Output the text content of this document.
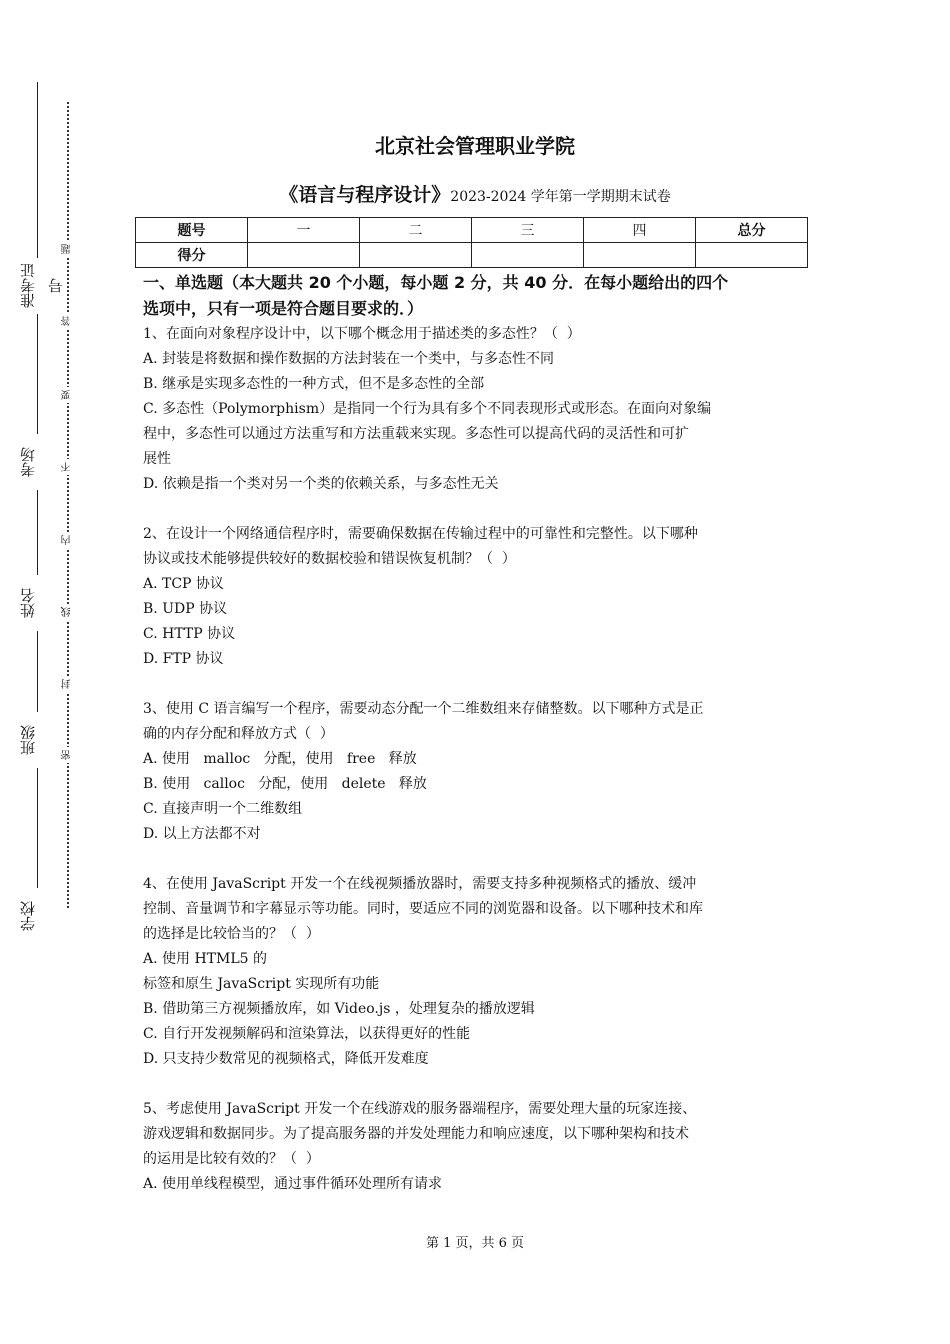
准考证号
考场
姓名
班级
学校
题
答
要
不
内
线
封
密
北京社会管理职业学院
《语言与程序设计》2023-2024 学年第一学期期末试卷
题号	一	二	三	四	总分
得分					
一、单选题（本大题共 20 个小题，每小题 2 分，共 40 分．在每小题给出的四个
选项中，只有一项是符合题目要求的．）
1、在面向对象程序设计中，以下哪个概念用于描述类的多态性？（  ）
A. 封装是将数据和操作数据的方法封装在一个类中，与多态性不同
B. 继承是实现多态性的一种方式，但不是多态性的全部
C. 多态性（Polymorphism）是指同一个行为具有多个不同表现形式或形态。在面向对象编
程中，多态性可以通过方法重写和方法重载来实现。多态性可以提高代码的灵活性和可扩
展性
D. 依赖是指一个类对另一个类的依赖关系，与多态性无关
2、在设计一个网络通信程序时，需要确保数据在传输过程中的可靠性和完整性。以下哪种
协议或技术能够提供较好的数据校验和错误恢复机制？（  ）
A. TCP 协议
B. UDP 协议
C. HTTP 协议
D. FTP 协议
3、使用 C 语言编写一个程序，需要动态分配一个二维数组来存储整数。以下哪种方式是正
确的内存分配和释放方式（  ）
A. 使用   malloc   分配，使用   free   释放
B. 使用   calloc   分配，使用   delete   释放
C. 直接声明一个二维数组
D. 以上方法都不对
4、在使用 JavaScript 开发一个在线视频播放器时，需要支持多种视频格式的播放、缓冲
控制、音量调节和字幕显示等功能。同时，要适应不同的浏览器和设备。以下哪种技术和库
的选择是比较恰当的？（  ）
A. 使用 HTML5 的
标签和原生 JavaScript 实现所有功能
B. 借助第三方视频播放库，如 Video.js ，处理复杂的播放逻辑
C. 自行开发视频解码和渲染算法，以获得更好的性能
D. 只支持少数常见的视频格式，降低开发难度
5、考虑使用 JavaScript 开发一个在线游戏的服务器端程序，需要处理大量的玩家连接、
游戏逻辑和数据同步。为了提高服务器的并发处理能力和响应速度，以下哪种架构和技术
的运用是比较有效的？（  ）
A. 使用单线程模型，通过事件循环处理所有请求
第 1 页，共 6 页
